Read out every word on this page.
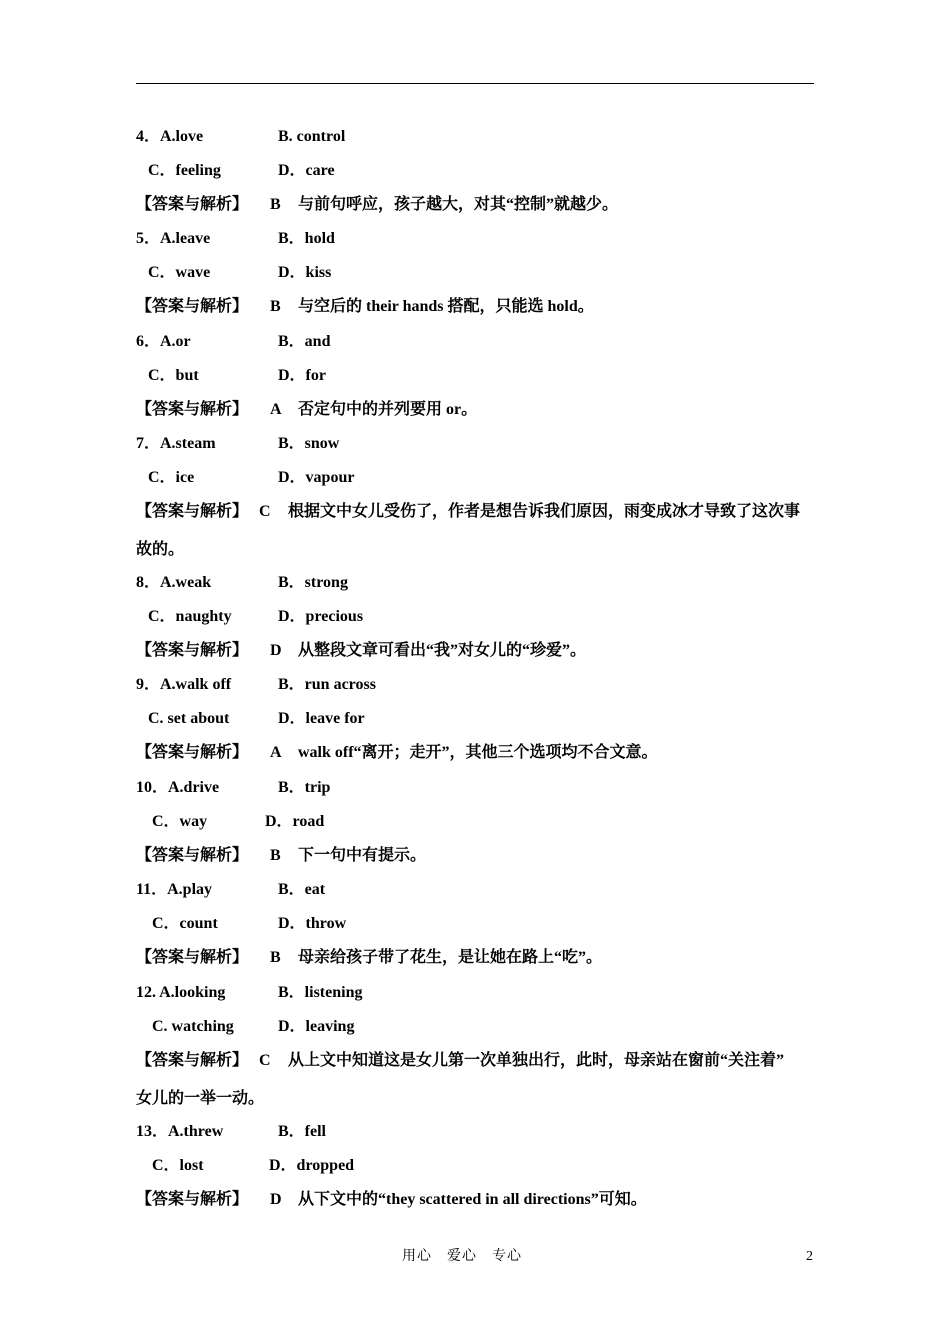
4．A.love	B. control
C．feeling	D．care
【答案与解析】 B 与前句呼应，孩子越大，对其“控制”就越少。
5．A.leave	B．hold
C．wave	D．kiss
【答案与解析】 B 与空后的 their hands 搭配，只能选 hold。
6．A.or	B．and
C．but	D．for
【答案与解析】 A 否定句中的并列要用 or。
7．A.steam	B．snow
C．ice	D．vapour
【答案与解析】 C 根据文中女儿受伤了，作者是想告诉我们原因，雨变成冰才导致了这次事
故的。
8．A.weak	B．strong
C．naughty	D．precious
【答案与解析】 D 从整段文章可看出“我”对女儿的“珍爱”。
9．A.walk off	B．run across
C. set about	D．leave for
【答案与解析】 A walk off“离开；走开”，其他三个选项均不合文意。
10．A.drive	B．trip
C．way	D．road
【答案与解析】 B 下一句中有提示。
11．A.play	B．eat
C．count	D．throw
【答案与解析】 B 母亲给孩子带了花生，是让她在路上“吃”。
12. A.looking	B．listening
C. watching	D．leaving
【答案与解析】 C 从上文中知道这是女儿第一次单独出行，此时，母亲站在窗前“关注着”
女儿的一举一动。
13．A.threw	B．fell
C．lost	D．dropped
【答案与解析】 D 从下文中的“they scattered in all directions”可知。
用心　爱心　专心	2
